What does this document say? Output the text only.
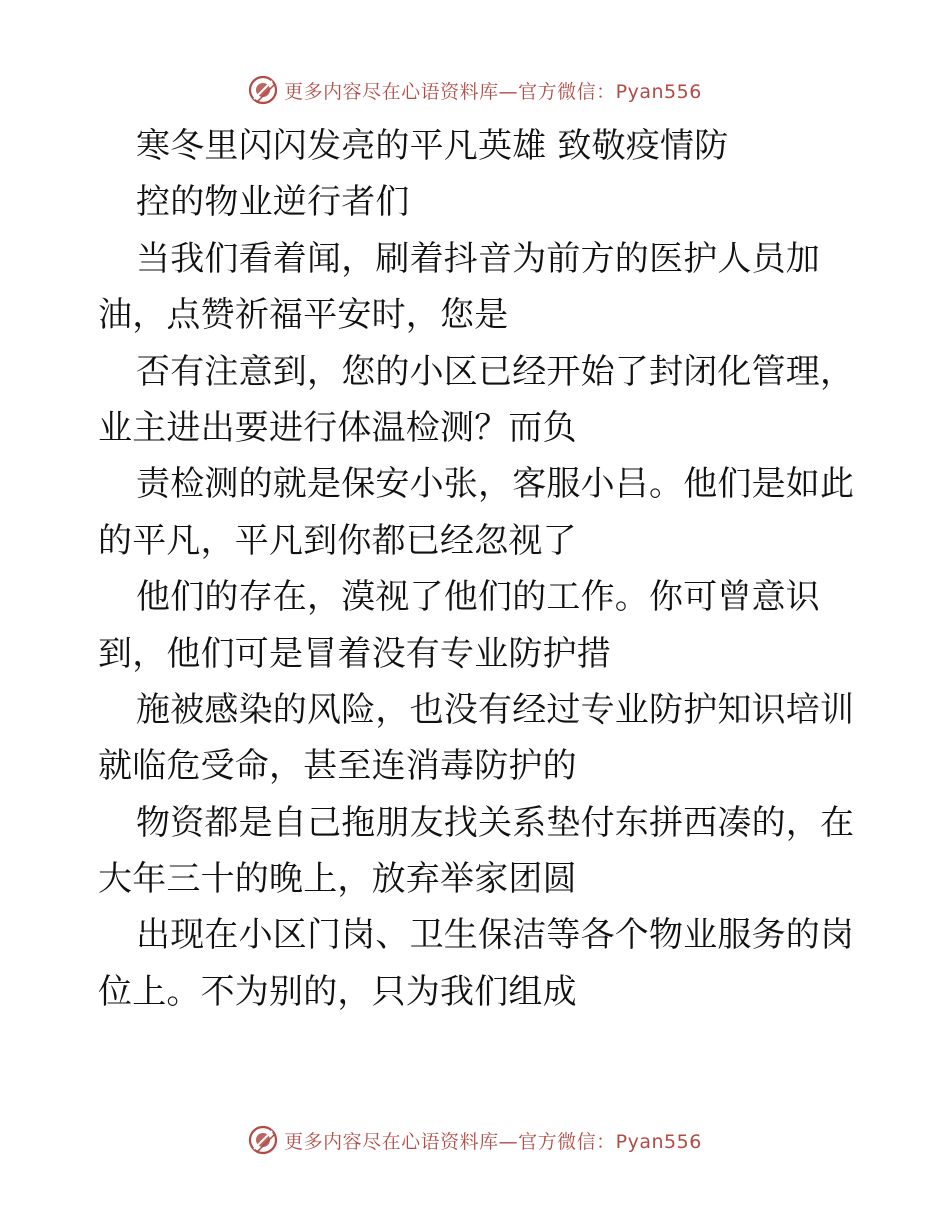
更多内容尽在心语资料库—官方微信：Pyan556
寒冬里闪闪发亮的平凡英雄 致敬疫情防
控的物业逆行者们
当我们看着闻，刷着抖音为前方的医护人员加
油，点赞祈福平安时，您是
否有注意到，您的小区已经开始了封闭化管理，
业主进出要进行体温检测？而负
责检测的就是保安小张，客服小吕。他们是如此
的平凡，平凡到你都已经忽视了
他们的存在，漠视了他们的工作。你可曾意识
到，他们可是冒着没有专业防护措
施被感染的风险，也没有经过专业防护知识培训
就临危受命，甚至连消毒防护的
物资都是自己拖朋友找关系垫付东拼西凑的，在
大年三十的晚上，放弃举家团圆
出现在小区门岗、卫生保洁等各个物业服务的岗
位上。不为别的，只为我们组成
更多内容尽在心语资料库—官方微信：Pyan556
